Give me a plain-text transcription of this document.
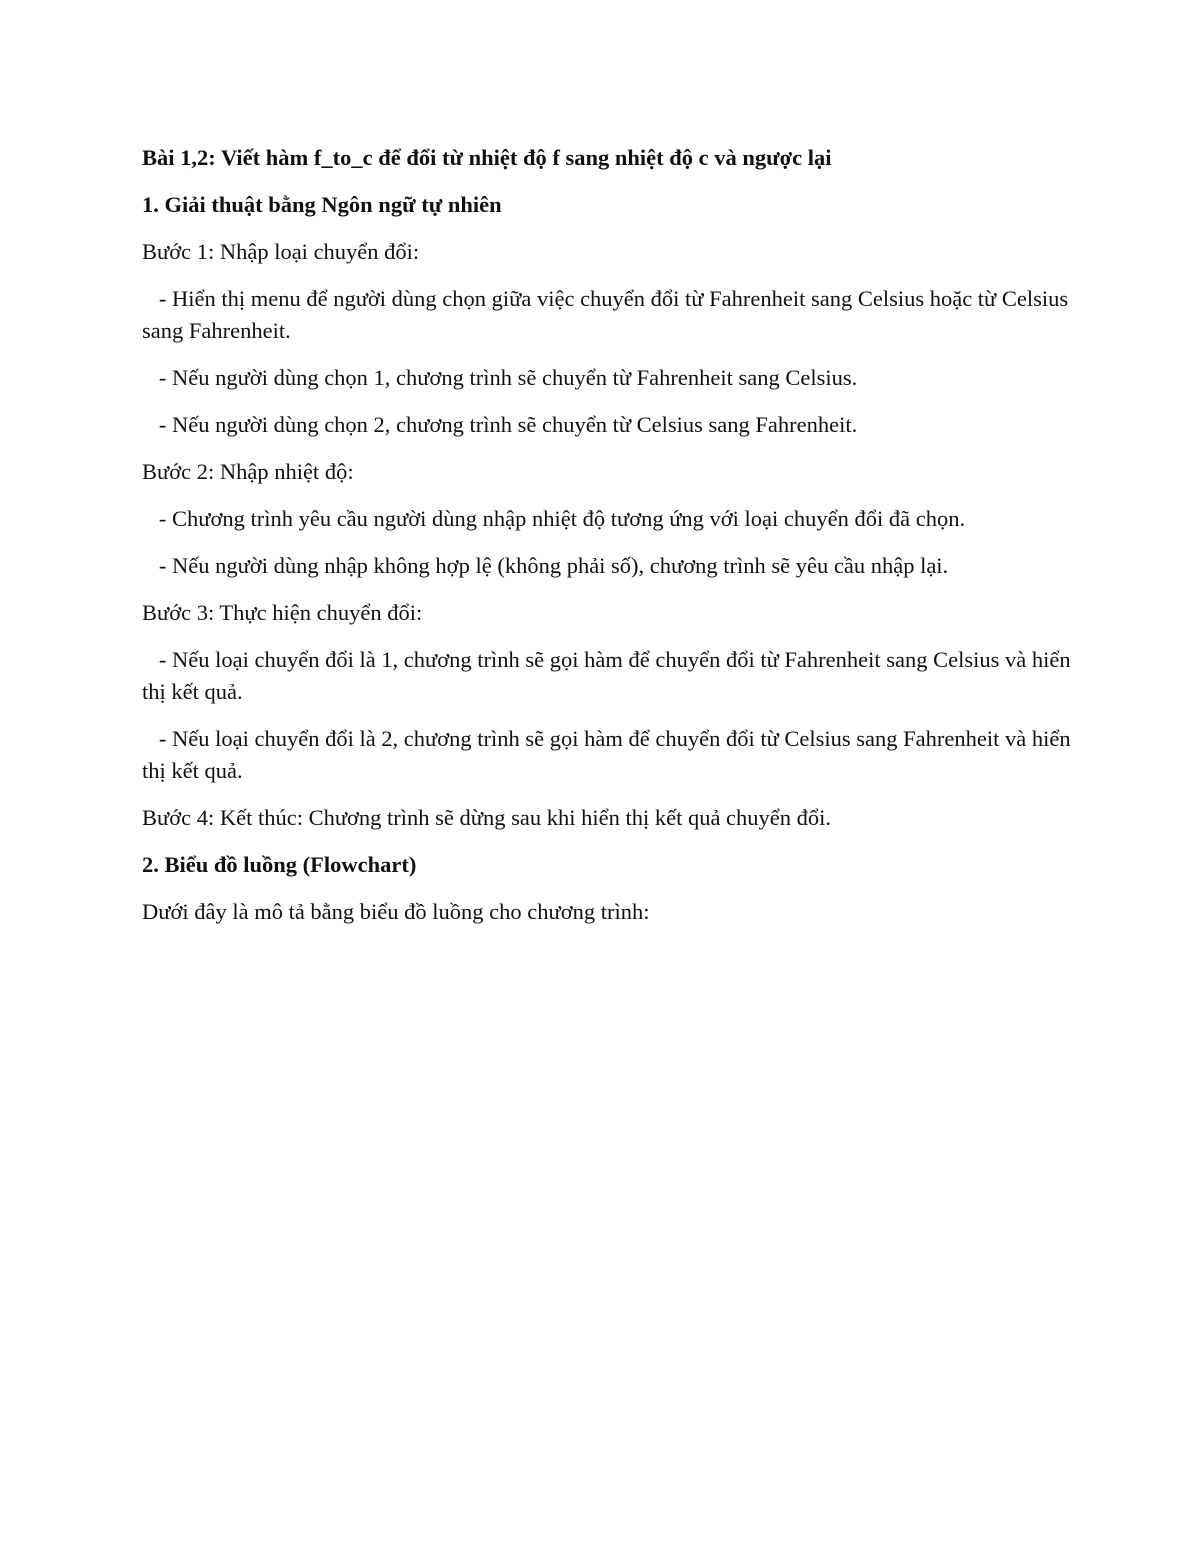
Bài 1,2: Viết hàm f_to_c để đổi từ nhiệt độ f sang nhiệt độ c và ngược lại

1. Giải thuật bằng Ngôn ngữ tự nhiên

Bước 1: Nhập loại chuyển đổi:

- Hiển thị menu để người dùng chọn giữa việc chuyển đổi từ Fahrenheit sang Celsius hoặc từ Celsius sang Fahrenheit.

- Nếu người dùng chọn 1, chương trình sẽ chuyển từ Fahrenheit sang Celsius.

- Nếu người dùng chọn 2, chương trình sẽ chuyển từ Celsius sang Fahrenheit.

Bước 2: Nhập nhiệt độ:

- Chương trình yêu cầu người dùng nhập nhiệt độ tương ứng với loại chuyển đổi đã chọn.

- Nếu người dùng nhập không hợp lệ (không phải số), chương trình sẽ yêu cầu nhập lại.

Bước 3: Thực hiện chuyển đổi:

- Nếu loại chuyển đổi là 1, chương trình sẽ gọi hàm để chuyển đổi từ Fahrenheit sang Celsius và hiển thị kết quả.

- Nếu loại chuyển đổi là 2, chương trình sẽ gọi hàm để chuyển đổi từ Celsius sang Fahrenheit và hiển thị kết quả.

Bước 4: Kết thúc: Chương trình sẽ dừng sau khi hiển thị kết quả chuyển đổi.

2. Biểu đồ luồng (Flowchart)

Dưới đây là mô tả bằng biểu đồ luồng cho chương trình:
